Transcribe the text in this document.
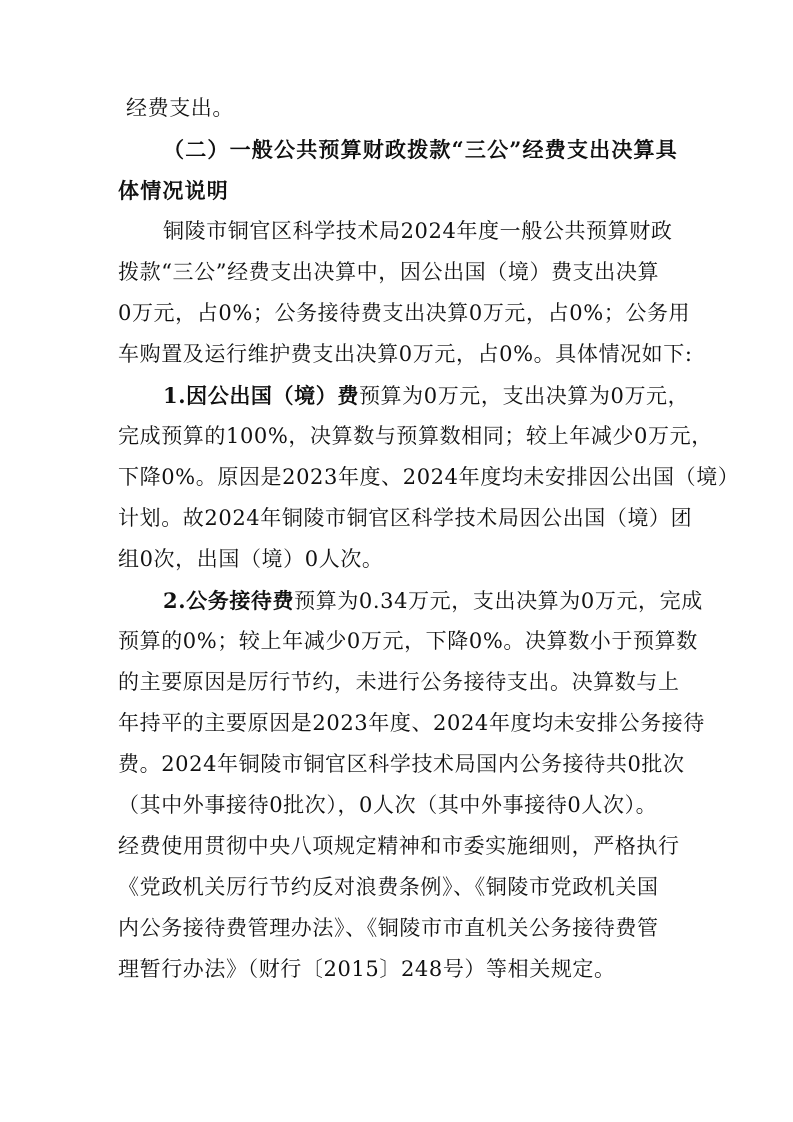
经费支出。
（二）一般公共预算财政拨款“三公”经费支出决算具
体情况说明
铜陵市铜官区科学技术局2024年度一般公共预算财政
拨款“三公”经费支出决算中，因公出国（境）费支出决算
0万元，占0%；公务接待费支出决算0万元，占0%；公务用
车购置及运行维护费支出决算0万元，占0%。具体情况如下:
1.因公出国（境）费预算为0万元，支出决算为0万元，
完成预算的100%，决算数与预算数相同；较上年减少0万元，
下降0%。原因是2023年度、2024年度均未安排因公出国（境）
计划。故2024年铜陵市铜官区科学技术局因公出国（境）团
组0次，出国（境）0人次。
2.公务接待费预算为0.34万元，支出决算为0万元，完成
预算的0%；较上年减少0万元，下降0%。决算数小于预算数
的主要原因是厉行节约，未进行公务接待支出。决算数与上
年持平的主要原因是2023年度、2024年度均未安排公务接待
费。2024年铜陵市铜官区科学技术局国内公务接待共0批次
（其中外事接待0批次），0人次（其中外事接待0人次）。
经费使用贯彻中央八项规定精神和市委实施细则，严格执行
《党政机关厉行节约反对浪费条例》、《铜陵市党政机关国
内公务接待费管理办法》、《铜陵市市直机关公务接待费管
理暂行办法》（财行〔2015〕248号）等相关规定。
